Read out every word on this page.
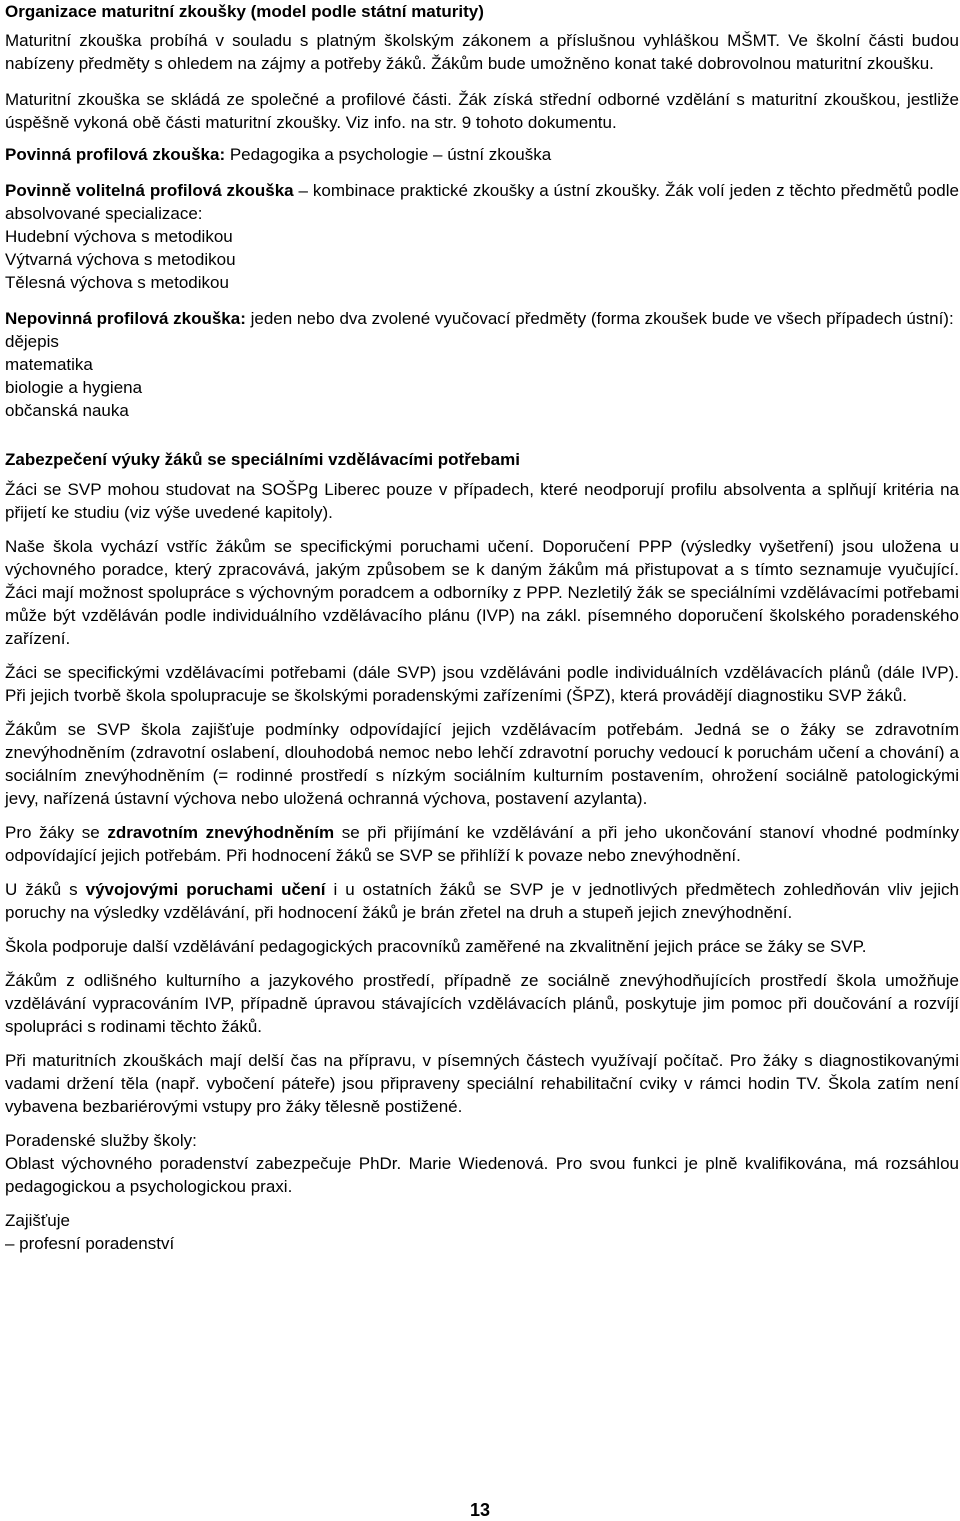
Organizace maturitní zkoušky (model podle státní maturity)

Maturitní zkouška probíhá v souladu s platným školským zákonem a příslušnou vyhláškou MŠMT. Ve školní části budou nabízeny předměty s ohledem na zájmy a potřeby žáků. Žákům bude umožněno konat také dobrovolnou maturitní zkoušku.

Maturitní zkouška se skládá ze společné a profilové části. Žák získá střední odborné vzdělání s maturitní zkouškou, jestliže úspěšně vykoná obě části maturitní zkoušky. Viz info. na str. 9 tohoto dokumentu.

Povinná profilová zkouška: Pedagogika a psychologie – ústní zkouška

Povinně volitelná profilová zkouška – kombinace praktické zkoušky a ústní zkoušky. Žák volí jeden z těchto předmětů podle absolvované specializace:

Hudební výchova s metodikou
Výtvarná výchova s metodikou
Tělesná výchova s metodikou

Nepovinná profilová zkouška: jeden nebo dva zvolené vyučovací předměty (forma zkoušek bude ve všech případech ústní):

dějepis
matematika
biologie a hygiena
občanská nauka

Zabezpečení výuky žáků se speciálními vzdělávacími potřebami

Žáci se SVP mohou studovat na SOŠPg Liberec pouze v případech, které neodporují profilu absolventa a splňují kritéria na přijetí ke studiu (viz výše uvedené kapitoly).

Naše škola vychází vstříc žákům se specifickými poruchami učení. Doporučení PPP (výsledky vyšetření) jsou uložena u výchovného poradce, který zpracovává, jakým způsobem se k daným žákům má přistupovat a s tímto seznamuje vyučující. Žáci mají možnost spolupráce s výchovným poradcem a odborníky z PPP. Nezletilý žák se speciálními vzdělávacími potřebami může být vzděláván podle individuálního vzdělávacího plánu (IVP) na zákl. písemného doporučení školského poradenského zařízení.

Žáci se specifickými vzdělávacími potřebami (dále SVP) jsou vzděláváni podle individuálních vzdělávacích plánů (dále IVP). Při jejich tvorbě škola spolupracuje se školskými poradenskými zařízeními (ŠPZ), která provádějí diagnostiku SVP žáků.

Žákům se SVP škola zajišťuje podmínky odpovídající jejich vzdělávacím potřebám. Jedná se o žáky se zdravotním znevýhodněním (zdravotní oslabení, dlouhodobá nemoc nebo lehčí zdravotní poruchy vedoucí k poruchám učení a chování) a sociálním znevýhodněním (= rodinné prostředí s nízkým sociálním kulturním postavením, ohrožení sociálně patologickými jevy, nařízená ústavní výchova nebo uložená ochranná výchova, postavení azylanta).

Pro žáky se zdravotním znevýhodněním se při přijímání ke vzdělávání a při jeho ukončování stanoví vhodné podmínky odpovídající jejich potřebám. Při hodnocení žáků se SVP se přihlíží k povaze nebo znevýhodnění.

U žáků s vývojovými poruchami učení i u ostatních žáků se SVP je v jednotlivých předmětech zohledňován vliv jejich poruchy na výsledky vzdělávání, při hodnocení žáků je brán zřetel na druh a stupeň jejich znevýhodnění.

Škola podporuje další vzdělávání pedagogických pracovníků zaměřené na zkvalitnění jejich práce se žáky se SVP.

Žákům z odlišného kulturního a jazykového prostředí, případně ze sociálně znevýhodňujících prostředí škola umožňuje vzdělávání vypracováním IVP, případně úpravou stávajících vzdělávacích plánů, poskytuje jim pomoc při doučování a rozvíjí spolupráci s rodinami těchto žáků.

Při maturitních zkouškách mají delší čas na přípravu, v písemných částech využívají počítač. Pro žáky s diagnostikovanými vadami držení těla (např. vybočení páteře) jsou připraveny speciální rehabilitační cviky v rámci hodin TV. Škola zatím není vybavena bezbariérovými vstupy pro žáky tělesně postižené.

Poradenské služby školy:

Oblast výchovného poradenství zabezpečuje PhDr. Marie Wiedenová. Pro svou funkci je plně kvalifikována, má rozsáhlou pedagogickou a psychologickou praxi.

Zajišťuje

– profesní poradenství

13
